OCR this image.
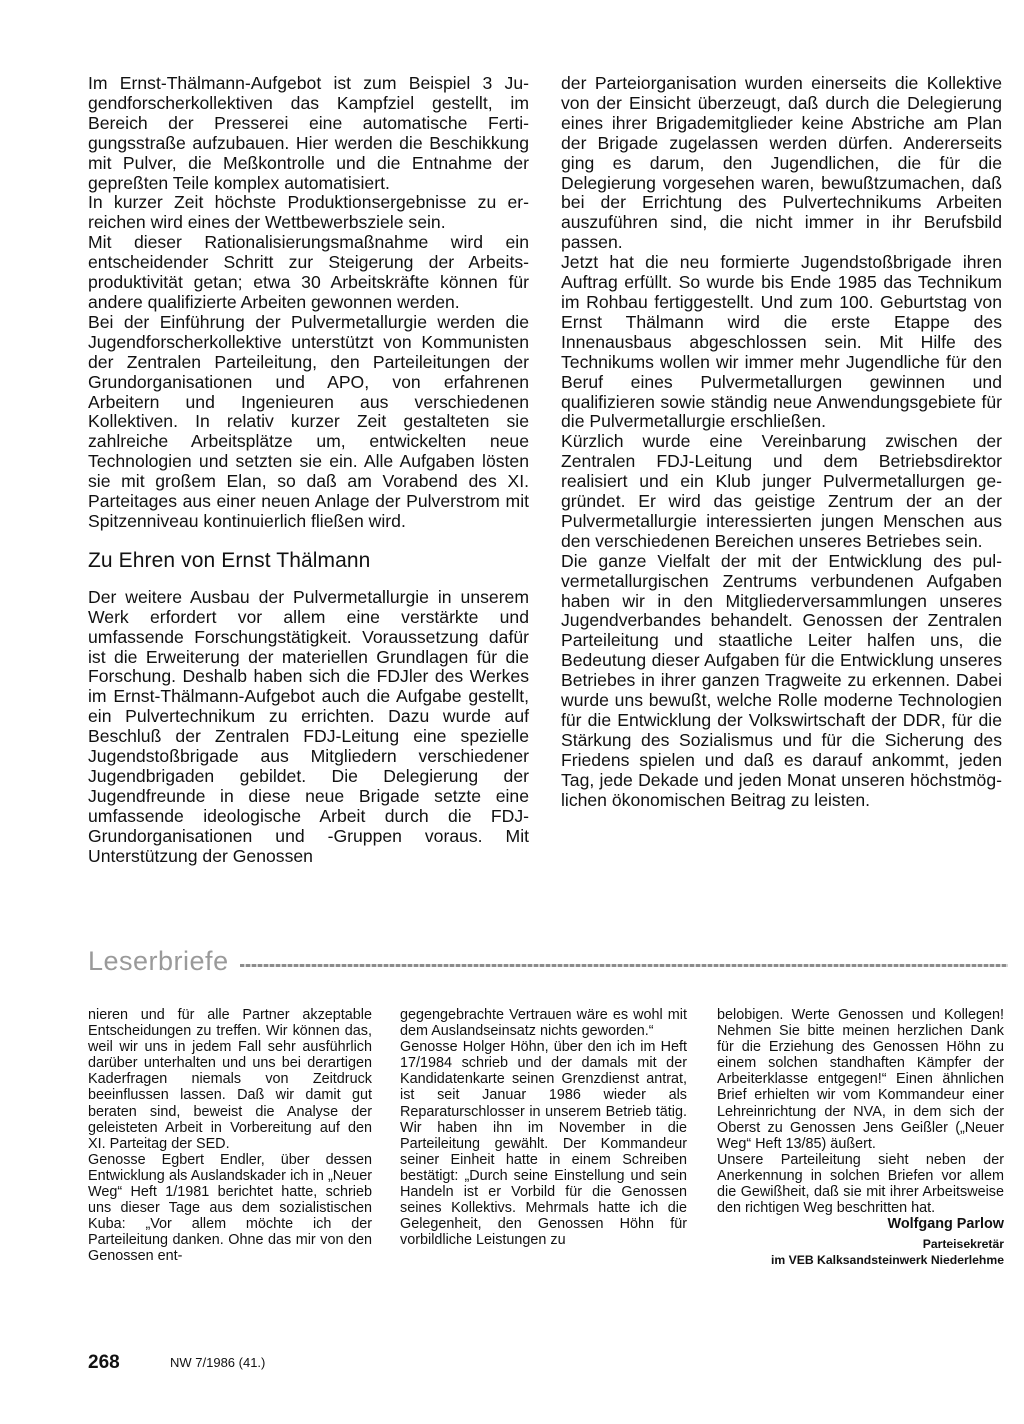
Im Ernst-Thälmann-Aufgebot ist zum Beispiel 3 Jugendforscherkollektiven das Kampfziel gestellt, im Bereich der Presserei eine automatische Fertigungsstraße aufzubauen. Hier werden die Beschikkung mit Pulver, die Meßkontrolle und die Entnahme der gepreßten Teile komplex automatisiert.

In kurzer Zeit höchste Produktionsergebnisse zu erreichen wird eines der Wettbewerbsziele sein.

Mit dieser Rationalisierungsmaßnahme wird ein entscheidender Schritt zur Steigerung der Arbeitsproduktivität getan; etwa 30 Arbeitskräfte können für andere qualifizierte Arbeiten gewonnen werden.

Bei der Einführung der Pulvermetallurgie werden die Jugendforscherkollektive unterstützt von Kommunisten der Zentralen Parteileitung, den Parteileitungen der Grundorganisationen und APO, von erfahrenen Arbeitern und Ingenieuren aus verschiedenen Kollektiven. In relativ kurzer Zeit gestalteten sie zahlreiche Arbeitsplätze um, entwickelten neue Technologien und setzten sie ein. Alle Aufgaben lösten sie mit großem Elan, so daß am Vorabend des XI. Parteitages aus einer neuen Anlage der Pulverstrom mit Spitzenniveau kontinuierlich fließen wird.

Zu Ehren von Ernst Thälmann

Der weitere Ausbau der Pulvermetallurgie in unserem Werk erfordert vor allem eine verstärkte und umfassende Forschungstätigkeit. Voraussetzung dafür ist die Erweiterung der materiellen Grundlagen für die Forschung. Deshalb haben sich die FDJler des Werkes im Ernst-Thälmann-Aufgebot auch die Aufgabe gestellt, ein Pulvertechnikum zu errichten. Dazu wurde auf Beschluß der Zentralen FDJ-Leitung eine spezielle Jugendstoßbrigade aus Mitgliedern verschiedener Jugendbrigaden gebildet. Die Delegierung der Jugendfreunde in diese neue Brigade setzte eine umfassende ideologische Arbeit durch die FDJ-Grundorganisationen und -Gruppen voraus. Mit Unterstützung der Genossen

der Parteiorganisation wurden einerseits die Kollektive von der Einsicht überzeugt, daß durch die Delegierung eines ihrer Brigademitglieder keine Abstriche am Plan der Brigade zugelassen werden dürfen. Andererseits ging es darum, den Jugendlichen, die für die Delegierung vorgesehen waren, bewußtzumachen, daß bei der Errichtung des Pulvertechnikums Arbeiten auszuführen sind, die nicht immer in ihr Berufsbild passen.

Jetzt hat die neu formierte Jugendstoßbrigade ihren Auftrag erfüllt. So wurde bis Ende 1985 das Technikum im Rohbau fertiggestellt. Und zum 100. Geburtstag von Ernst Thälmann wird die erste Etappe des Innenausbaus abgeschlossen sein. Mit Hilfe des Technikums wollen wir immer mehr Jugendliche für den Beruf eines Pulvermetallurgen gewinnen und qualifizieren sowie ständig neue Anwendungsgebiete für die Pulvermetallurgie erschließen.

Kürzlich wurde eine Vereinbarung zwischen der Zentralen FDJ-Leitung und dem Betriebsdirektor realisiert und ein Klub junger Pulvermetallurgen gegründet. Er wird das geistige Zentrum der an der Pulvermetallurgie interessierten jungen Menschen aus den verschiedenen Bereichen unseres Betriebes sein.

Die ganze Vielfalt der mit der Entwicklung des pulvermetallurgischen Zentrums verbundenen Aufgaben haben wir in den Mitgliederversammlungen unseres Jugendverbandes behandelt. Genossen der Zentralen Parteileitung und staatliche Leiter halfen uns, die Bedeutung dieser Aufgaben für die Entwicklung unseres Betriebes in ihrer ganzen Tragweite zu erkennen. Dabei wurde uns bewußt, welche Rolle moderne Technologien für die Entwicklung der Volkswirtschaft der DDR, für die Stärkung des Sozialismus und für die Sicherung des Friedens spielen und daß es darauf ankommt, jeden Tag, jede Dekade und jeden Monat unseren höchstmöglichen ökonomischen Beitrag zu leisten.

Leserbriefe

nieren und für alle Partner akzeptable Entscheidungen zu treffen. Wir können das, weil wir uns in jedem Fall sehr ausführlich darüber unterhalten und uns bei derartigen Kaderfragen niemals von Zeitdruck beeinflussen lassen. Daß wir damit gut beraten sind, beweist die Analyse der geleisteten Arbeit in Vorbereitung auf den XI. Parteitag der SED.

Genosse Egbert Endler, über dessen Entwicklung als Auslandskader ich in „Neuer Weg“ Heft 1/1981 berichtet hatte, schrieb uns dieser Tage aus dem sozialistischen Kuba: „Vor allem möchte ich der Parteileitung danken. Ohne das mir von den Genossen ent-

gegengebrachte Vertrauen wäre es wohl mit dem Auslandseinsatz nichts geworden.“

Genosse Holger Höhn, über den ich im Heft 17/1984 schrieb und der damals mit der Kandidatenkarte seinen Grenzdienst antrat, ist seit Januar 1986 wieder als Reparaturschlosser in unserem Betrieb tätig. Wir haben ihn im November in die Parteileitung gewählt. Der Kommandeur seiner Einheit hatte in einem Schreiben bestätigt: „Durch seine Einstellung und sein Handeln ist er Vorbild für die Genossen seines Kollektivs. Mehrmals hatte ich die Gelegenheit, den Genossen Höhn für vorbildliche Leistungen zu

belobigen. Werte Genossen und Kollegen! Nehmen Sie bitte meinen herzlichen Dank für die Erziehung des Genossen Höhn zu einem solchen standhaften Kämpfer der Arbeiterklasse entgegen!“ Einen ähnlichen Brief erhielten wir vom Kommandeur einer Lehreinrichtung der NVA, in dem sich der Oberst zu Genossen Jens Geißler („Neuer Weg“ Heft 13/85) äußert.

Unsere Parteileitung sieht neben der Anerkennung in solchen Briefen vor allem die Gewißheit, daß sie mit ihrer Arbeitsweise den richtigen Weg beschritten hat.

Wolfgang Parlow
Parteisekretär
im VEB Kalksandsteinwerk Niederlehme
268	NW 7/1986 (41.)
